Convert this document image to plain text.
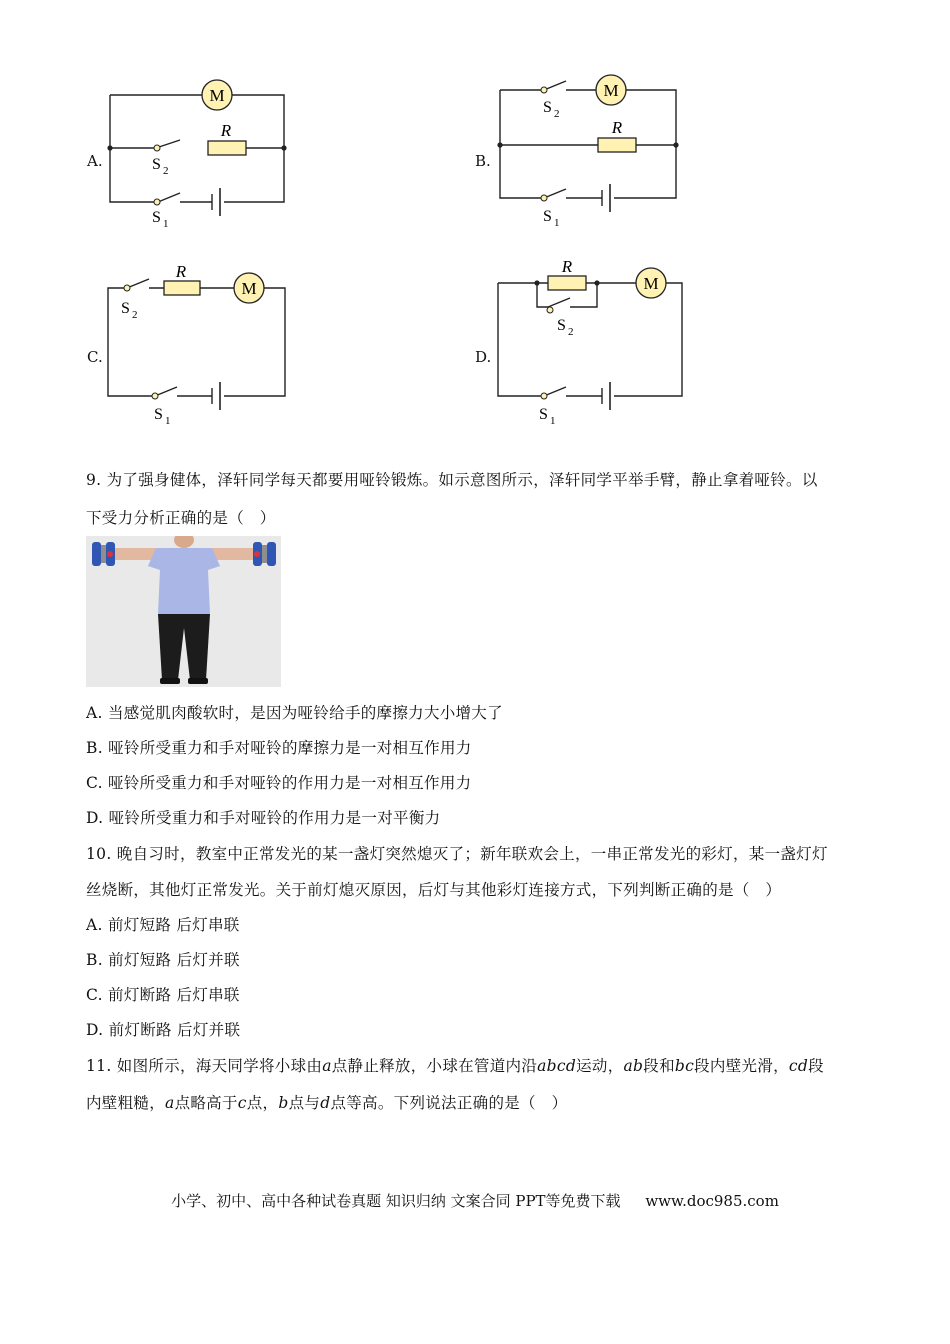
A.
M
R
S 2
S 1
B.
M
R
S 2
S 1
C.
R
M
S 2
S 1
D.
R
M
S 2
S 1
9. 为了强身健体，泽轩同学每天都要用哑铃锻炼。如示意图所示，泽轩同学平举手臂，静止拿着哑铃。以
下受力分析正确的是（　）
A. 当感觉肌肉酸软时，是因为哑铃给手的摩擦力大小增大了
B. 哑铃所受重力和手对哑铃的摩擦力是一对相互作用力
C. 哑铃所受重力和手对哑铃的作用力是一对相互作用力
D. 哑铃所受重力和手对哑铃的作用力是一对平衡力
10. 晚自习时，教室中正常发光的某一盏灯突然熄灭了；新年联欢会上，一串正常发光的彩灯，某一盏灯灯
丝烧断，其他灯正常发光。关于前灯熄灭原因，后灯与其他彩灯连接方式，下列判断正确的是（　）
A. 前灯短路 后灯串联
B. 前灯短路 后灯并联
C. 前灯断路 后灯串联
D. 前灯断路 后灯并联
11. 如图所示，海天同学将小球由a点静止释放，小球在管道内沿abcd运动，ab段和bc段内壁光滑，cd段
内壁粗糙，a点略高于c点，b点与d点等高。下列说法正确的是（　）
小学、初中、高中各种试卷真题 知识归纳 文案合同 PPT等免费下载 www.doc985.com
